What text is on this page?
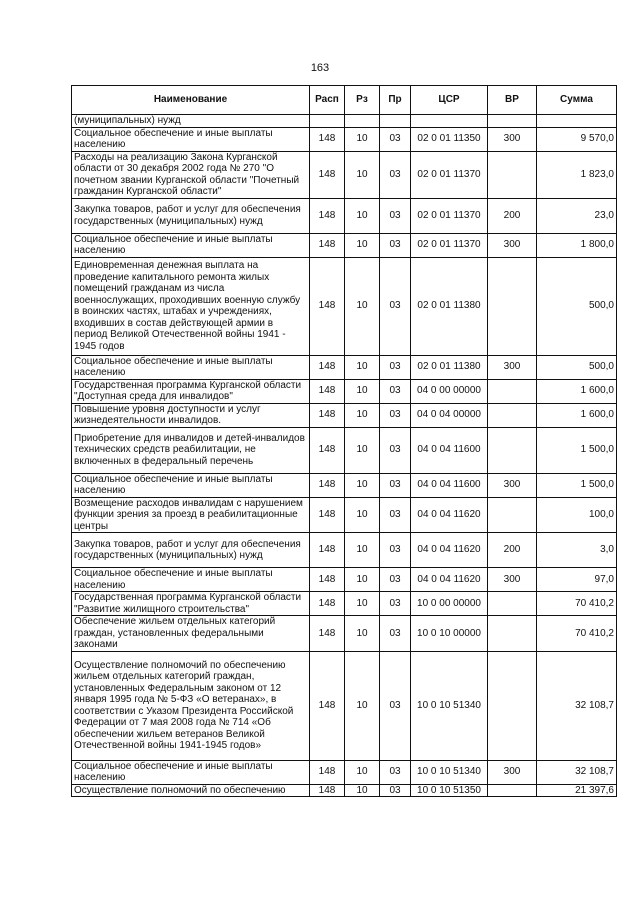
163
Наименование	Расп	Рз	Пр	ЦСР	ВР	Сумма
(муниципальных) нужд						
Социальное обеспечение и иные выплаты населению	148	10	03	02 0 01 11350	300	9 570,0
Расходы на реализацию Закона Курганской области от 30 декабря 2002 года № 270 "О почетном звании Курганской области "Почетный гражданин Курганской области"	148	10	03	02 0 01 11370		1 823,0
Закупка товаров, работ и услуг для обеспечения государственных (муниципальных) нужд	148	10	03	02 0 01 11370	200	23,0
Социальное обеспечение и иные выплаты населению	148	10	03	02 0 01 11370	300	1 800,0
Единовременная денежная выплата на проведение капитального ремонта жилых помещений гражданам из числа военнослужащих, проходивших военную службу в воинских частях, штабах и учреждениях, входивших в состав действующей армии в период Великой Отечественной войны 1941 - 1945 годов	148	10	03	02 0 01 11380		500,0
Социальное обеспечение и иные выплаты населению	148	10	03	02 0 01 11380	300	500,0
Государственная программа Курганской области "Доступная среда для инвалидов"	148	10	03	04 0 00 00000		1 600,0
Повышение уровня доступности и услуг жизнедеятельности инвалидов.	148	10	03	04 0 04 00000		1 600,0
Приобретение для инвалидов и детей-инвалидов технических средств реабилитации, не включенных в федеральный перечень	148	10	03	04 0 04 11600		1 500,0
Социальное обеспечение и иные выплаты населению	148	10	03	04 0 04 11600	300	1 500,0
Возмещение расходов инвалидам с нарушением функции зрения за проезд в реабилитационные центры	148	10	03	04 0 04 11620		100,0
Закупка товаров, работ и услуг для обеспечения государственных (муниципальных) нужд	148	10	03	04 0 04 11620	200	3,0
Социальное обеспечение и иные выплаты населению	148	10	03	04 0 04 11620	300	97,0
Государственная программа Курганской области "Развитие жилищного строительства"	148	10	03	10 0 00 00000		70 410,2
Обеспечение жильем отдельных категорий граждан, установленных федеральными законами	148	10	03	10 0 10 00000		70 410,2
Осуществление полномочий по обеспечению жильем отдельных категорий граждан, установленных Федеральным законом от 12 января 1995 года № 5-ФЗ «О ветеранах», в соответствии с Указом Президента Российской Федерации от 7 мая 2008 года № 714 «Об обеспечении жильем ветеранов Великой Отечественной войны 1941-1945 годов»	148	10	03	10 0 10 51340		32 108,7
Социальное обеспечение и иные выплаты населению	148	10	03	10 0 10 51340	300	32 108,7
Осуществление полномочий по обеспечению	148	10	03	10 0 10 51350		21 397,6
